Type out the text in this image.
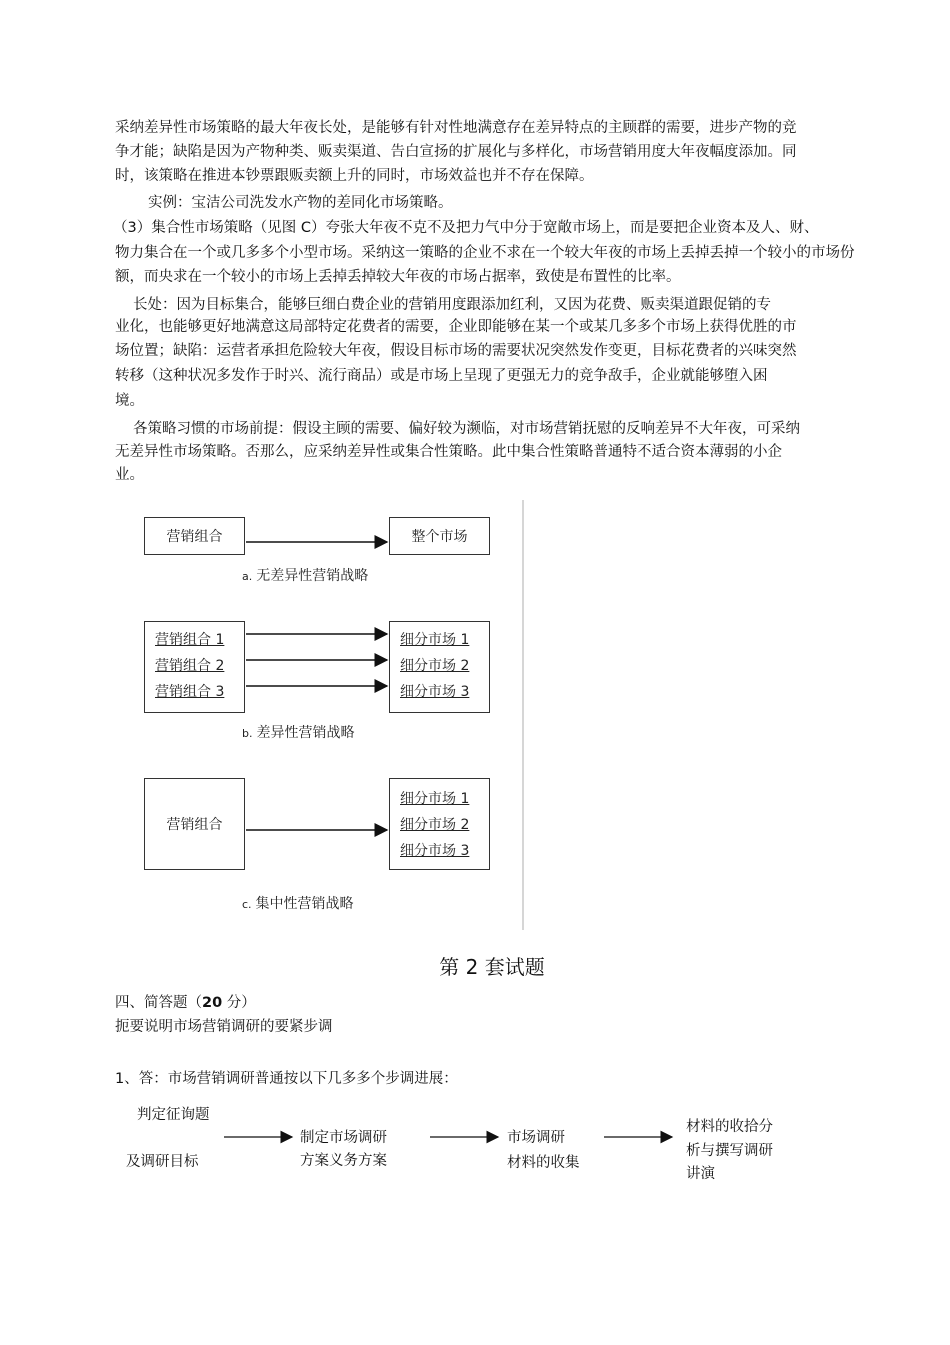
采纳差异性市场策略的最大年夜长处，是能够有针对性地满意存在差异特点的主顾群的需要，进步产物的竞
争才能；缺陷是因为产物种类、贩卖渠道、告白宣扬的扩展化与多样化，市场营销用度大年夜幅度添加。同
时，该策略在推进本钞票跟贩卖额上升的同时，市场效益也并不存在保障。
实例：宝洁公司洗发水产物的差同化市场策略。
（3）集合性市场策略（见图 C）夸张大年夜不克不及把力气中分于宽敞市场上，而是要把企业资本及人、财、
物力集合在一个或几多多个小型市场。采纳这一策略的企业不求在一个较大年夜的市场上丢掉丢掉一个较小的市场份
额，而央求在一个较小的市场上丢掉丢掉较大年夜的市场占据率，致使是布置性的比率。
长处：因为目标集合，能够巨细白费企业的营销用度跟添加红利，又因为花费、贩卖渠道跟促销的专
业化，也能够更好地满意这局部特定花费者的需要，企业即能够在某一个或某几多多个市场上获得优胜的市
场位置；缺陷：运营者承担危险较大年夜，假设目标市场的需要状况突然发作变更，目标花费者的兴味突然
转移（这种状况多发作于时兴、流行商品）或是市场上呈现了更强无力的竞争敌手，企业就能够堕入困
境。
各策略习惯的市场前提：假设主顾的需要、偏好较为濒临，对市场营销抚慰的反响差异不大年夜，可采纳
无差异性市场策略。否那么，应采纳差异性或集合性策略。此中集合性策略普通特不适合资本薄弱的小企
业。
营销组合	整个市场
a. 无差异性营销战略
营销组合 1
营销组合 2
营销组合 3
细分市场 1
细分市场 2
细分市场 3
b. 差异性营销战略
营销组合
细分市场 1
细分市场 2
细分市场 3
c. 集中性营销战略
第 2 套试题
四、简答题（20 分）
扼要说明市场营销调研的要紧步调
1、答：市场营销调研普通按以下几多多个步调进展：
判定征询题
及调研目标
制定市场调研
方案义务方案
市场调研
材料的收集
材料的收拾分
析与撰写调研
讲演
